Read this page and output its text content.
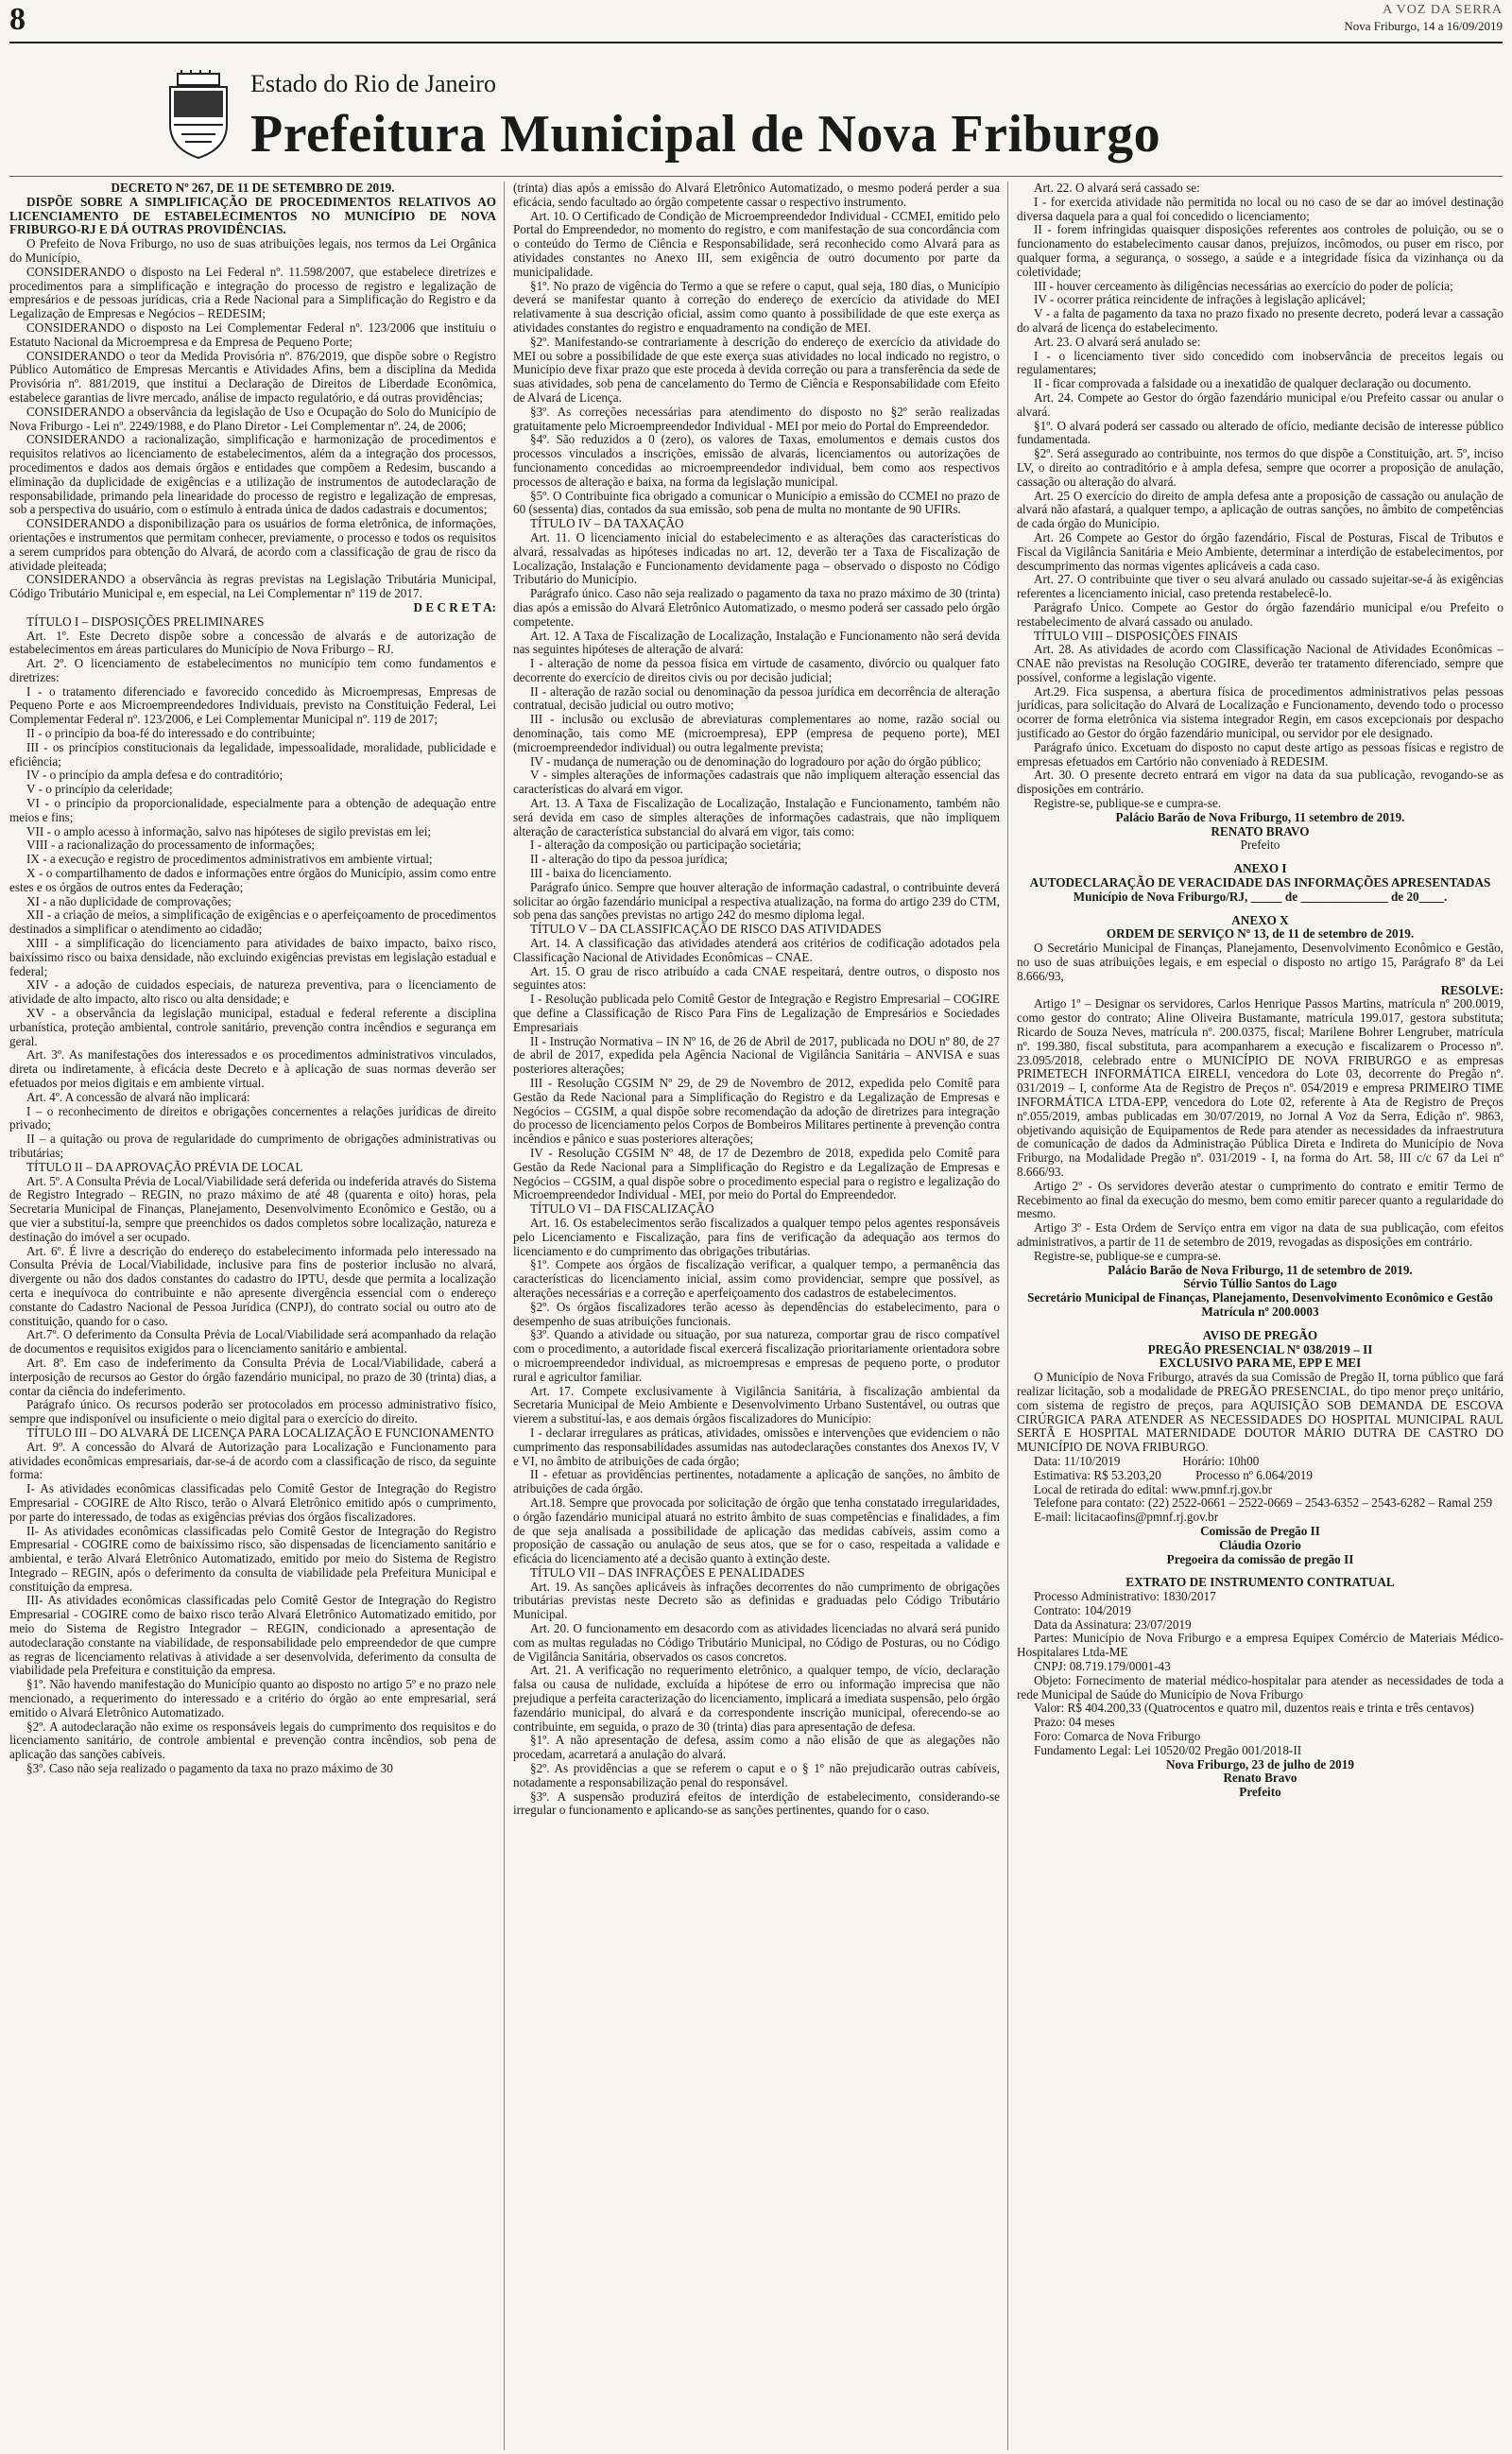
8	A VOZ DA SERRA
Nova Friburgo, 14 a 16/09/2019
Estado do Rio de Janeiro
Prefeitura Municipal de Nova Friburgo

DECRETO Nº 267, DE 11 DE SETEMBRO DE 2019.

DISPÕE SOBRE A SIMPLIFICAÇÃO DE PROCEDIMENTOS RELATIVOS AO LICENCIAMENTO DE ESTABELECIMENTOS NO MUNICÍPIO DE NOVA FRIBURGO-RJ E DÁ OUTRAS PROVIDÊNCIAS.

O Prefeito de Nova Friburgo, no uso de suas atribuições legais, nos termos da Lei Orgânica do Município,

CONSIDERANDO o disposto na Lei Federal nº. 11.598/2007, que estabelece diretrizes e procedimentos para a simplificação e integração do processo de registro e legalização de empresários e de pessoas jurídicas, cria a Rede Nacional para a Simplificação do Registro e da Legalização de Empresas e Negócios – REDESIM;

CONSIDERANDO o disposto na Lei Complementar Federal nº. 123/2006 que instituiu o Estatuto Nacional da Microempresa e da Empresa de Pequeno Porte;

CONSIDERANDO o teor da Medida Provisória nº. 876/2019, que dispõe sobre o Registro Público Automático de Empresas Mercantis e Atividades Afins, bem a disciplina da Medida Provisória nº. 881/2019, que institui a Declaração de Direitos de Liberdade Econômica, estabelece garantias de livre mercado, análise de impacto regulatório, e dá outras providências;

CONSIDERANDO a observância da legislação de Uso e Ocupação do Solo do Município de Nova Friburgo - Lei nº. 2249/1988, e do Plano Diretor - Lei Complementar nº. 24, de 2006;

CONSIDERANDO a racionalização, simplificação e harmonização de procedimentos e requisitos relativos ao licenciamento de estabelecimentos, além da a integração dos processos, procedimentos e dados aos demais órgãos e entidades que compõem a Redesim, buscando a eliminação da duplicidade de exigências e a utilização de instrumentos de autodeclaração de responsabilidade, primando pela linearidade do processo de registro e legalização de empresas, sob a perspectiva do usuário, com o estímulo à entrada única de dados cadastrais e documentos;

CONSIDERANDO a disponibilização para os usuários de forma eletrônica, de informações, orientações e instrumentos que permitam conhecer, previamente, o processo e todos os requisitos a serem cumpridos para obtenção do Alvará, de acordo com a classificação de grau de risco da atividade pleiteada;

CONSIDERANDO a observância às regras previstas na Legislação Tributária Municipal, Código Tributário Municipal e, em especial, na Lei Complementar nº 119 de 2017.

D E C R E T A:

TÍTULO I – DISPOSIÇÕES PRELIMINARES

Art. 1º. Este Decreto dispõe sobre a concessão de alvarás e de autorização de estabelecimentos em áreas particulares do Município de Nova Friburgo – RJ.

Art. 2º. O licenciamento de estabelecimentos no município tem como fundamentos e diretrizes:

I - o tratamento diferenciado e favorecido concedido às Microempresas, Empresas de Pequeno Porte e aos Microempreendedores Individuais, previsto na Constituição Federal, Lei Complementar Federal nº. 123/2006, e Lei Complementar Municipal nº. 119 de 2017;

II - o princípio da boa-fé do interessado e do contribuinte;

III - os princípios constitucionais da legalidade, impessoalidade, moralidade, publicidade e eficiência;

IV - o princípio da ampla defesa e do contraditório;

V - o princípio da celeridade;

VI - o princípio da proporcionalidade, especialmente para a obtenção de adequação entre meios e fins;

VII - o amplo acesso à informação, salvo nas hipóteses de sigilo previstas em lei;

VIII - a racionalização do processamento de informações;

IX - a execução e registro de procedimentos administrativos em ambiente virtual;

X - o compartilhamento de dados e informações entre órgãos do Município, assim como entre estes e os órgãos de outros entes da Federação;

XI - a não duplicidade de comprovações;

XII - a criação de meios, a simplificação de exigências e o aperfeiçoamento de procedimentos destinados a simplificar o atendimento ao cidadão;

XIII - a simplificação do licenciamento para atividades de baixo impacto, baixo risco, baixíssimo risco ou baixa densidade, não excluindo exigências previstas em legislação estadual e federal;

XIV - a adoção de cuidados especiais, de natureza preventiva, para o licenciamento de atividade de alto impacto, alto risco ou alta densidade; e

XV - a observância da legislação municipal, estadual e federal referente a disciplina urbanística, proteção ambiental, controle sanitário, prevenção contra incêndios e segurança em geral.

Art. 3º. As manifestações dos interessados e os procedimentos administrativos vinculados, direta ou indiretamente, à eficácia deste Decreto e à aplicação de suas normas deverão ser efetuados por meios digitais e em ambiente virtual.

Art. 4º. A concessão de alvará não implicará:

I – o reconhecimento de direitos e obrigações concernentes a relações jurídicas de direito privado;

II – a quitação ou prova de regularidade do cumprimento de obrigações administrativas ou tributárias;

TÍTULO II – DA APROVAÇÃO PRÉVIA DE LOCAL

Art. 5º. A Consulta Prévia de Local/Viabilidade será deferida ou indeferida através do Sistema de Registro Integrado – REGIN, no prazo máximo de até 48 (quarenta e oito) horas, pela Secretaria Municipal de Finanças, Planejamento, Desenvolvimento Econômico e Gestão, ou a que vier a substituí-la, sempre que preenchidos os dados completos sobre localização, natureza e destinação do imóvel a ser ocupado.

Art. 6º. É livre a descrição do endereço do estabelecimento informada pelo interessado na Consulta Prévia de Local/Viabilidade, inclusive para fins de posterior inclusão no alvará, divergente ou não dos dados constantes do cadastro do IPTU, desde que permita a localização certa e inequívoca do contribuinte e não apresente divergência essencial com o endereço constante do Cadastro Nacional de Pessoa Jurídica (CNPJ), do contrato social ou outro ato de constituição, quando for o caso.

Art.7º. O deferimento da Consulta Prévia de Local/Viabilidade será acompanhado da relação de documentos e requisitos exigidos para o licenciamento sanitário e ambiental.

Art. 8º. Em caso de indeferimento da Consulta Prévia de Local/Viabilidade, caberá a interposição de recursos ao Gestor do órgão fazendário municipal, no prazo de 30 (trinta) dias, a contar da ciência do indeferimento.

Parágrafo único. Os recursos poderão ser protocolados em processo administrativo físico, sempre que indisponível ou insuficiente o meio digital para o exercício do direito.

TÍTULO III – DO ALVARÁ DE LICENÇA PARA LOCALIZAÇÃO E FUNCIONAMENTO

Art. 9º. A concessão do Alvará de Autorização para Localização e Funcionamento para atividades econômicas empresariais, dar-se-á de acordo com a classificação de risco, da seguinte forma:

I- As atividades econômicas classificadas pelo Comitê Gestor de Integração do Registro Empresarial - COGIRE de Alto Risco, terão o Alvará Eletrônico emitido após o cumprimento, por parte do interessado, de todas as exigências prévias dos órgãos fiscalizadores.

II- As atividades econômicas classificadas pelo Comitê Gestor de Integração do Registro Empresarial - COGIRE como de baixíssimo risco, são dispensadas de licenciamento sanitário e ambiental, e terão Alvará Eletrônico Automatizado, emitido por meio do Sistema de Registro Integrado – REGIN, após o deferimento da consulta de viabilidade pela Prefeitura Municipal e constituição da empresa.

III- As atividades econômicas classificadas pelo Comitê Gestor de Integração do Registro Empresarial - COGIRE como de baixo risco terão Alvará Eletrônico Automatizado emitido, por meio do Sistema de Registro Integrador – REGIN, condicionado a apresentação de autodeclaração constante na viabilidade, de responsabilidade pelo empreendedor de que cumpre as regras de licenciamento relativas à atividade a ser desenvolvida, deferimento da consulta de viabilidade pela Prefeitura e constituição da empresa.

§1º. Não havendo manifestação do Município quanto ao disposto no artigo 5º e no prazo nele mencionado, a requerimento do interessado e a critério do órgão ao ente empresarial, será emitido o Alvará Eletrônico Automatizado.

§2º. A autodeclaração não exime os responsáveis legais do cumprimento dos requisitos e do licenciamento sanitário, de controle ambiental e prevenção contra incêndios, sob pena de aplicação das sanções cabíveis.

§3º. Caso não seja realizado o pagamento da taxa no prazo máximo de 30

(trinta) dias após a emissão do Alvará Eletrônico Automatizado, o mesmo poderá perder a sua eficácia, sendo facultado ao órgão competente cassar o respectivo instrumento.

Art. 10. O Certificado de Condição de Microempreendedor Individual - CCMEI, emitido pelo Portal do Empreendedor, no momento do registro, e com manifestação de sua concordância com o conteúdo do Termo de Ciência e Responsabilidade, será reconhecido como Alvará para as atividades constantes no Anexo III, sem exigência de outro documento por parte da municipalidade.

§1º. No prazo de vigência do Termo a que se refere o caput, qual seja, 180 dias, o Município deverá se manifestar quanto à correção do endereço de exercício da atividade do MEI relativamente à sua descrição oficial, assim como quanto à possibilidade de que este exerça as atividades constantes do registro e enquadramento na condição de MEI.

§2º. Manifestando-se contrariamente à descrição do endereço de exercício da atividade do MEI ou sobre a possibilidade de que este exerça suas atividades no local indicado no registro, o Município deve fixar prazo que este proceda à devida correção ou para a transferência da sede de suas atividades, sob pena de cancelamento do Termo de Ciência e Responsabilidade com Efeito de Alvará de Licença.

§3º. As correções necessárias para atendimento do disposto no §2º serão realizadas gratuitamente pelo Microempreendedor Individual - MEI por meio do Portal do Empreendedor.

§4º. São reduzidos a 0 (zero), os valores de Taxas, emolumentos e demais custos dos processos vinculados a inscrições, emissão de alvarás, licenciamentos ou autorizações de funcionamento concedidas ao microempreendedor individual, bem como aos respectivos processos de alteração e baixa, na forma da legislação municipal.

§5º. O Contribuinte fica obrigado a comunicar o Município a emissão do CCMEI no prazo de 60 (sessenta) dias, contados da sua emissão, sob pena de multa no montante de 90 UFIRs.

TÍTULO IV – DA TAXAÇÃO

Art. 11. O licenciamento inicial do estabelecimento e as alterações das características do alvará, ressalvadas as hipóteses indicadas no art. 12, deverão ter a Taxa de Fiscalização de Localização, Instalação e Funcionamento devidamente paga – observado o disposto no Código Tributário do Município.

Parágrafo único. Caso não seja realizado o pagamento da taxa no prazo máximo de 30 (trinta) dias após a emissão do Alvará Eletrônico Automatizado, o mesmo poderá ser cassado pelo órgão competente.

Art. 12. A Taxa de Fiscalização de Localização, Instalação e Funcionamento não será devida nas seguintes hipóteses de alteração de alvará:

I - alteração de nome da pessoa física em virtude de casamento, divórcio ou qualquer fato decorrente do exercício de direitos civis ou por decisão judicial;

II - alteração de razão social ou denominação da pessoa jurídica em decorrência de alteração contratual, decisão judicial ou outro motivo;

III - inclusão ou exclusão de abreviaturas complementares ao nome, razão social ou denominação, tais como ME (microempresa), EPP (empresa de pequeno porte), MEI (microempreendedor individual) ou outra legalmente prevista;

IV - mudança de numeração ou de denominação do logradouro por ação do órgão público;

V - simples alterações de informações cadastrais que não impliquem alteração essencial das características do alvará em vigor.

Art. 13. A Taxa de Fiscalização de Localização, Instalação e Funcionamento, também não será devida em caso de simples alterações de informações cadastrais, que não impliquem alteração de característica substancial do alvará em vigor, tais como:

I - alteração da composição ou participação societária;

II - alteração do tipo da pessoa jurídica;

III - baixa do licenciamento.

Parágrafo único. Sempre que houver alteração de informação cadastral, o contribuinte deverá solicitar ao órgão fazendário municipal a respectiva atualização, na forma do artigo 239 do CTM, sob pena das sanções previstas no artigo 242 do mesmo diploma legal.

TÍTULO V – DA CLASSIFICAÇÃO DE RISCO DAS ATIVIDADES

Art. 14. A classificação das atividades atenderá aos critérios de codificação adotados pela Classificação Nacional de Atividades Econômicas – CNAE.

Art. 15. O grau de risco atribuído a cada CNAE respeitará, dentre outros, o disposto nos seguintes atos:

I - Resolução publicada pelo Comitê Gestor de Integração e Registro Empresarial – COGIRE que define a Classificação de Risco Para Fins de Legalização de Empresários e Sociedades Empresariais

II - Instrução Normativa – IN Nº 16, de 26 de Abril de 2017, publicada no DOU nº 80, de 27 de abril de 2017, expedida pela Agência Nacional de Vigilância Sanitária – ANVISA e suas posteriores alterações;

III - Resolução CGSIM Nº 29, de 29 de Novembro de 2012, expedida pelo Comitê para Gestão da Rede Nacional para a Simplificação do Registro e da Legalização de Empresas e Negócios – CGSIM, a qual dispõe sobre recomendação da adoção de diretrizes para integração do processo de licenciamento pelos Corpos de Bombeiros Militares pertinente à prevenção contra incêndios e pânico e suas posteriores alterações;

IV - Resolução CGSIM Nº 48, de 17 de Dezembro de 2018, expedida pelo Comitê para Gestão da Rede Nacional para a Simplificação do Registro e da Legalização de Empresas e Negócios – CGSIM, a qual dispõe sobre o procedimento especial para o registro e legalização do Microempreendedor Individual - MEI, por meio do Portal do Empreendedor.

TÍTULO VI – DA FISCALIZAÇÃO

Art. 16. Os estabelecimentos serão fiscalizados a qualquer tempo pelos agentes responsáveis pelo Licenciamento e Fiscalização, para fins de verificação da adequação aos termos do licenciamento e do cumprimento das obrigações tributárias.

§1º. Compete aos órgãos de fiscalização verificar, a qualquer tempo, a permanência das características do licenciamento inicial, assim como providenciar, sempre que possível, as alterações necessárias e a correção e aperfeiçoamento dos cadastros de estabelecimentos.

§2º. Os órgãos fiscalizadores terão acesso às dependências do estabelecimento, para o desempenho de suas atribuições funcionais.

§3º. Quando a atividade ou situação, por sua natureza, comportar grau de risco compatível com o procedimento, a autoridade fiscal exercerá fiscalização prioritariamente orientadora sobre o microempreendedor individual, as microempresas e empresas de pequeno porte, o produtor rural e agricultor familiar.

Art. 17. Compete exclusivamente à Vigilância Sanitária, à fiscalização ambiental da Secretaria Municipal de Meio Ambiente e Desenvolvimento Urbano Sustentável, ou outras que vierem a substituí-las, e aos demais órgãos fiscalizadores do Município:

I - declarar irregulares as práticas, atividades, omissões e intervenções que evidenciem o não cumprimento das responsabilidades assumidas nas autodeclarações constantes dos Anexos IV, V e VI, no âmbito de atribuições de cada órgão;

II - efetuar as providências pertinentes, notadamente a aplicação de sanções, no âmbito de atribuições de cada órgão.

Art.18. Sempre que provocada por solicitação de órgão que tenha constatado irregularidades, o órgão fazendário municipal atuará no estrito âmbito de suas competências e finalidades, a fim de que seja analisada a possibilidade de aplicação das medidas cabíveis, assim como a proposição de cassação ou anulação de seus atos, que se for o caso, respeitada a validade e eficácia do licenciamento até a decisão quanto à extinção deste.

TÍTULO VII – DAS INFRAÇÕES E PENALIDADES

Art. 19. As sanções aplicáveis às infrações decorrentes do não cumprimento de obrigações tributárias previstas neste Decreto são as definidas e graduadas pelo Código Tributário Municipal.

Art. 20. O funcionamento em desacordo com as atividades licenciadas no alvará será punido com as multas reguladas no Código Tributário Municipal, no Código de Posturas, ou no Código de Vigilância Sanitária, observados os casos concretos.

Art. 21. A verificação no requerimento eletrônico, a qualquer tempo, de vício, declaração falsa ou causa de nulidade, excluída a hipótese de erro ou informação imprecisa que não prejudique a perfeita caracterização do licenciamento, implicará a imediata suspensão, pelo órgão fazendário municipal, do alvará e da correspondente inscrição municipal, oferecendo-se ao contribuinte, em seguida, o prazo de 30 (trinta) dias para apresentação de defesa.

§1º. A não apresentação de defesa, assim como a não elisão de que as alegações não procedam, acarretará a anulação do alvará.

§2º. As providências a que se referem o caput e o § 1º não prejudicarão outras cabíveis, notadamente a responsabilização penal do responsável.

§3º. A suspensão produzirá efeitos de interdição de estabelecimento, considerando-se irregular o funcionamento e aplicando-se as sanções pertinentes, quando for o caso.

Art. 22. O alvará será cassado se:

I - for exercida atividade não permitida no local ou no caso de se dar ao imóvel destinação diversa daquela para a qual foi concedido o licenciamento;

II - forem infringidas quaisquer disposições referentes aos controles de poluição, ou se o funcionamento do estabelecimento causar danos, prejuízos, incômodos, ou puser em risco, por qualquer forma, a segurança, o sossego, a saúde e a integridade física da vizinhança ou da coletividade;

III - houver cerceamento às diligências necessárias ao exercício do poder de polícia;

IV - ocorrer prática reincidente de infrações à legislação aplicável;

V - a falta de pagamento da taxa no prazo fixado no presente decreto, poderá levar a cassação do alvará de licença do estabelecimento.

Art. 23. O alvará será anulado se:

I - o licenciamento tiver sido concedido com inobservância de preceitos legais ou regulamentares;

II - ficar comprovada a falsidade ou a inexatidão de qualquer declaração ou documento.

Art. 24. Compete ao Gestor do órgão fazendário municipal e/ou Prefeito cassar ou anular o alvará.

§1º. O alvará poderá ser cassado ou alterado de ofício, mediante decisão de interesse público fundamentada.

§2º. Será assegurado ao contribuinte, nos termos do que dispõe a Constituição, art. 5º, inciso LV, o direito ao contraditório e à ampla defesa, sempre que ocorrer a proposição de anulação, cassação ou alteração do alvará.

Art. 25 O exercício do direito de ampla defesa ante a proposição de cassação ou anulação de alvará não afastará, a qualquer tempo, a aplicação de outras sanções, no âmbito de competências de cada órgão do Município.

Art. 26 Compete ao Gestor do órgão fazendário, Fiscal de Posturas, Fiscal de Tributos e Fiscal da Vigilância Sanitária e Meio Ambiente, determinar a interdição de estabelecimentos, por descumprimento das normas vigentes aplicáveis a cada caso.

Art. 27. O contribuinte que tiver o seu alvará anulado ou cassado sujeitar-se-á às exigências referentes a licenciamento inicial, caso pretenda restabelecê-lo.

Parágrafo Único. Compete ao Gestor do órgão fazendário municipal e/ou Prefeito o restabelecimento de alvará cassado ou anulado.

TÍTULO VIII – DISPOSIÇÕES FINAIS

Art. 28. As atividades de acordo com Classificação Nacional de Atividades Econômicas – CNAE não previstas na Resolução COGIRE, deverão ter tratamento diferenciado, sempre que possível, conforme a legislação vigente.

Art.29. Fica suspensa, a abertura física de procedimentos administrativos pelas pessoas jurídicas, para solicitação do Alvará de Localização e Funcionamento, devendo todo o processo ocorrer de forma eletrônica via sistema integrador Regin, em casos excepcionais por despacho justificado ao Gestor do órgão fazendário municipal, ou servidor por ele designado.

Parágrafo único. Excetuam do disposto no caput deste artigo as pessoas físicas e registro de empresas efetuados em Cartório não conveniado à REDESIM.

Art. 30. O presente decreto entrará em vigor na data da sua publicação, revogando-se as disposições em contrário.

Registre-se, publique-se e cumpra-se.

Palácio Barão de Nova Friburgo, 11 setembro de 2019.

RENATO BRAVO

Prefeito

ANEXO I

AUTODECLARAÇÃO DE VERACIDADE DAS INFORMAÇÕES APRESENTADAS

Município de Nova Friburgo/RJ, _____ de ______________ de 20____.

ANEXO X

ORDEM DE SERVIÇO Nº 13, de 11 de setembro de 2019.

O Secretário Municipal de Finanças, Planejamento, Desenvolvimento Econômico e Gestão, no uso de suas atribuições legais, e em especial o disposto no artigo 15, Parágrafo 8º da Lei 8.666/93,

RESOLVE:

Artigo 1º – Designar os servidores, Carlos Henrique Passos Martins, matrícula nº 200.0019, como gestor do contrato; Aline Oliveira Bustamante, matrícula 199.017, gestora substituta; Ricardo de Souza Neves, matrícula nº. 200.0375, fiscal; Marilene Bohrer Lengruber, matrícula nº. 199.380, fiscal substituta, para acompanharem a execução e fiscalizarem o Processo nº. 23.095/2018, celebrado entre o MUNICÍPIO DE NOVA FRIBURGO e as empresas PRIMETECH INFORMÁTICA EIRELI, vencedora do Lote 03, decorrente do Pregão nº. 031/2019 – I, conforme Ata de Registro de Preços nº. 054/2019 e empresa PRIMEIRO TIME INFORMÁTICA LTDA-EPP, vencedora do Lote 02, referente à Ata de Registro de Preços nº.055/2019, ambas publicadas em 30/07/2019, no Jornal A Voz da Serra, Edição nº. 9863, objetivando aquisição de Equipamentos de Rede para atender as necessidades da infraestrutura de comunicação de dados da Administração Pública Direta e Indireta do Município de Nova Friburgo, na Modalidade Pregão nº. 031/2019 - I, na forma do Art. 58, III c/c 67 da Lei nº 8.666/93.

Artigo 2º - Os servidores deverão atestar o cumprimento do contrato e emitir Termo de Recebimento ao final da execução do mesmo, bem como emitir parecer quanto a regularidade do mesmo.

Artigo 3º - Esta Ordem de Serviço entra em vigor na data de sua publicação, com efeitos administrativos, a partir de 11 de setembro de 2019, revogadas as disposições em contrário.

Registre-se, publique-se e cumpra-se.

Palácio Barão de Nova Friburgo, 11 de setembro de 2019.

Sérvio Túllio Santos do Lago

Secretário Municipal de Finanças, Planejamento, Desenvolvimento Econômico e Gestão

Matrícula nº 200.0003

AVISO DE PREGÃO

PREGÃO PRESENCIAL Nº 038/2019 – II

EXCLUSIVO PARA ME, EPP E MEI

O Município de Nova Friburgo, através da sua Comissão de Pregão II, torna público que fará realizar licitação, sob a modalidade de PREGÃO PRESENCIAL, do tipo menor preço unitário, com sistema de registro de preços, para AQUISIÇÃO SOB DEMANDA DE ESCOVA CIRÚRGICA PARA ATENDER AS NECESSIDADES DO HOSPITAL MUNICIPAL RAUL SERTÃ E HOSPITAL MATERNIDADE DOUTOR MÁRIO DUTRA DE CASTRO DO MUNICÍPIO DE NOVA FRIBURGO.

Data: 11/10/2019	Horário: 10h00

Estimativa: R$ 53.203,20	Processo nº 6.064/2019

Local de retirada do edital: www.pmnf.rj.gov.br

Telefone para contato: (22) 2522-0661 – 2522-0669 – 2543-6352 – 2543-6282 – Ramal 259

E-mail: licitacaofins@pmnf.rj.gov.br

Comissão de Pregão II

Cláudia Ozorio

Pregoeira da comissão de pregão II

EXTRATO DE INSTRUMENTO CONTRATUAL

Processo Administrativo: 1830/2017

Contrato: 104/2019

Data da Assinatura: 23/07/2019

Partes: Município de Nova Friburgo e a empresa Equipex Comércio de Materiais Médico-Hospitalares Ltda-ME

CNPJ: 08.719.179/0001-43

Objeto: Fornecimento de material médico-hospitalar para atender as necessidades de toda a rede Municipal de Saúde do Município de Nova Friburgo

Valor: R$ 404.200,33 (Quatrocentos e quatro mil, duzentos reais e trinta e três centavos)

Prazo: 04 meses

Foro: Comarca de Nova Friburgo

Fundamento Legal: Lei 10520/02 Pregão 001/2018-II

Nova Friburgo, 23 de julho de 2019

Renato Bravo

Prefeito
